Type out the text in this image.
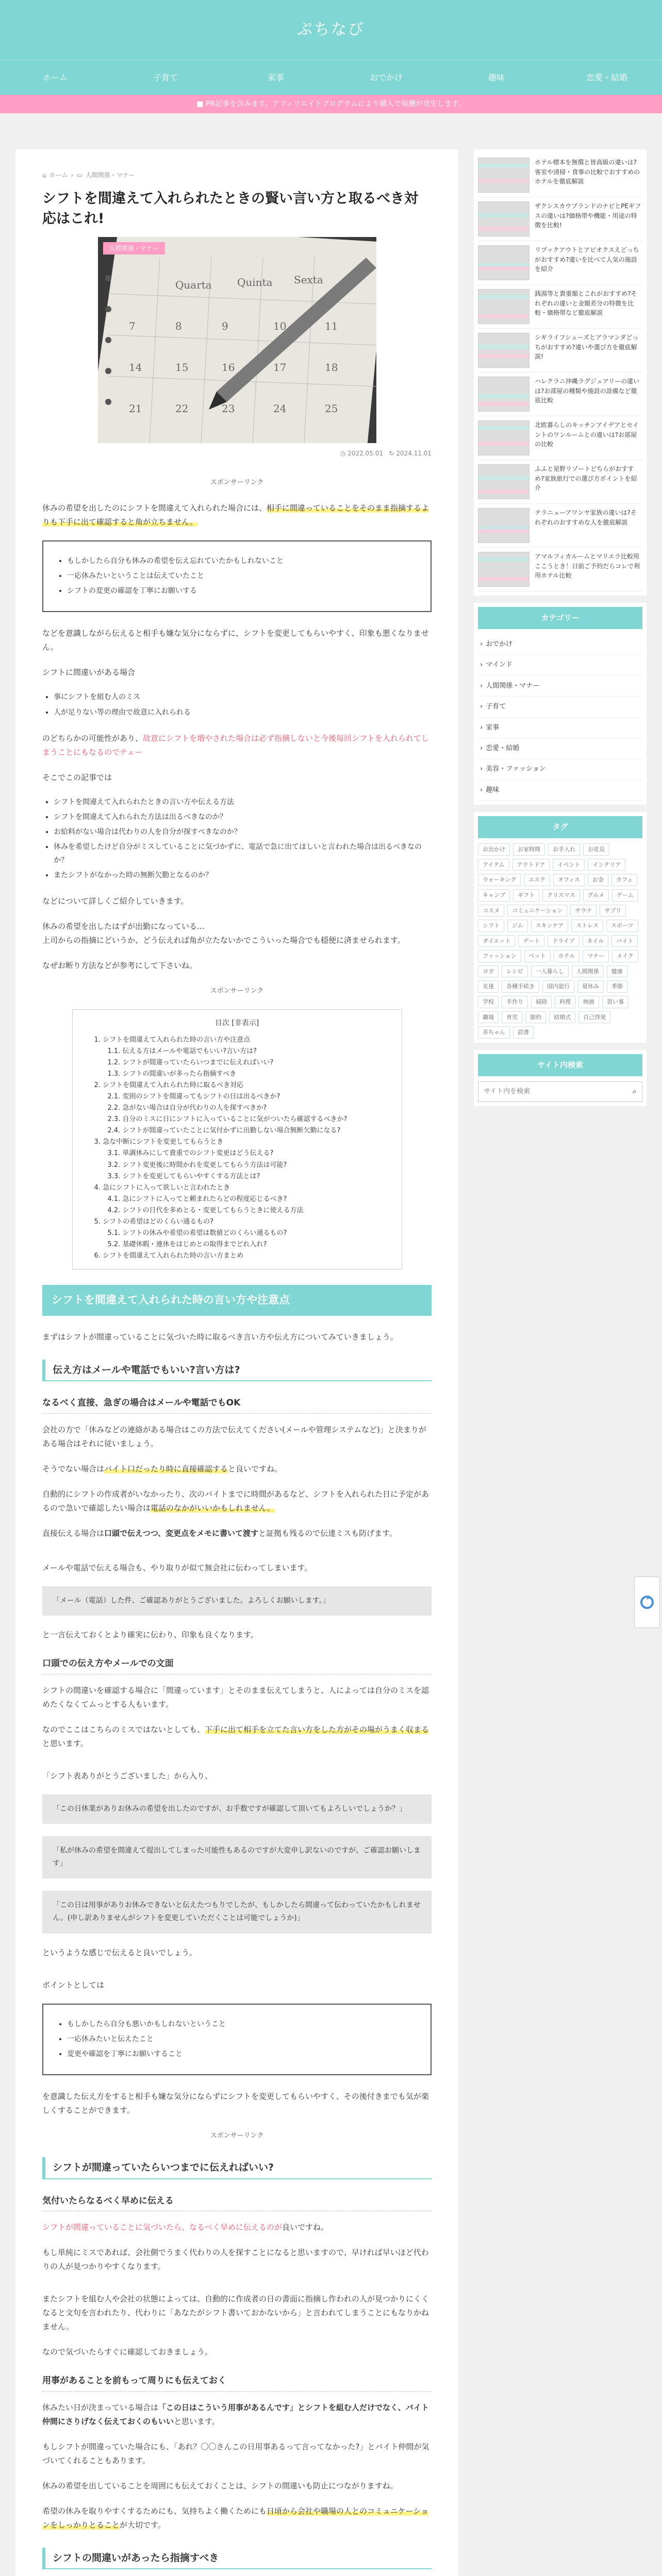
ぷちなび
ホーム	子育て	家事	おでかけ	趣味	恋愛・結婚
■ PR記事を含みます。アフィリエイトプログラムにより購入で報酬が発生します。
⌂ ホーム › ▭ 人間関係・マナー
シフトを間違えて入れられたときの賢い言い方と取るべき対応はこれ!
Quarta Quinta Sexta
7	8	9	10	11
14	15	16	17	18
21	22	23	24	25
人間関係・マナー
◷ 2022.05.01 ↻ 2024.11.01
スポンサーリンク

休みの希望を出したのにシフトを間違えて入れられた場合には、相手に間違っていることをそのまま指摘するよりも下手に出て確認すると角が立ちません。

• もしかしたら自分も休みの希望を伝え忘れていたかもしれないこと
• 一応休みたいということは伝えていたこと
• シフトの変更の確認を丁寧にお願いする

などを意識しながら伝えると相手も嫌な気分にならずに、シフトを変更してもらいやすく、印象も悪くなりません。

シフトに間違いがある場合

• 事にシフトを組む人のミス
• 人が足りない等の理由で故意に入れられる

のどちらかの可能性があり、故意にシフトを増やされた場合は必ず指摘しないと今後毎回シフトを入れられてしまうことにもなるのでチェー

そこでこの記事では

• シフトを間違えて入れられたときの言い方や伝える方法
• シフトを間違えて入れられた方法は出るべきなのか？
• お給料がない場合は代わりの人を自分が探すべきなのか？
• 休みを希望したけど自分がミスしていることに気づかずに、電話で急に出てほしいと言われた場合は出るべきなのか？
• またシフトがなかった時の無断欠勤となるのか？

などについて詳しくご紹介していきます。

休みの希望を出したはずが出勤になっている…
上司からの指摘にどいうか、どう伝えれば角が立たないかでこういった場合でも穏便に済ませられます。

なぜお断り方法などが参考にして下さいね。

スポンサーリンク
目次 [非表示]
1. シフトを間違えて入れられた時の言い方や注意点
1.1. 伝える方はメールや電話でもいい?言い方は?
1.2. シフトが間違っていたらいつまでに伝えればいい?
1.3. シフトの間違いが多ったら指摘すべき
2. シフトを間違えて入れられた時に取るべき対応
2.1. 変則のシフトを間違ってもシフトの日は出るべきか?
2.2. 急がない場合は自分が代わりの人を探すべきか?
2.3. 自分のミスに日にシフトに入っていることに気がついたら確認するべきか?
2.4. シフトが間違っていたことに気付かずに出勤しない場合無断欠勤になる?
3. 急な中断にシフトを変更してもらうとき
3.1. 単調休みにして貴重でのシフト変更はどう伝える?
3.2. シフト変更後に時間かれを変更してもらう方法は可能?
3.3. シフトを変更してもらいやすくする方法とは?
4. 急にシフトに入って欲しいと言われたとき
4.1. 急にシフトに入ってと頼まれたらどの程度応じるべき?
4.2. シフトの日代を多めとる・変更してもらうときに使える方法
5. シフトの希望はどのくらい通るもの?
5.1. シフトの休みや希望の希望は数値どのくらい通るもの?
5.2. 基礎休暇・連休をはじめとの取得までどれ入れ?
6. シフトを間違えて入れられた時の言い方まとめ
シフトを間違えて入れられた時の言い方や注意点

まずはシフトが間違っていることに気づいた時に取るべき言い方や伝え方についてみていきましょう。

伝え方はメールや電話でもいい?言い方は?
なるべく直接、急ぎの場合はメールや電話でもOK

会社の方で「休みなどの連絡がある場合はこの方法で伝えてください(メールや管理システムなど)」と決まりがある場合はそれに従いましょう。

そうでない場合はバイト口だったり時に直接確認すると良いですね。

自動的にシフトの作成者がいなかったり、次のバイトまでに時間があるなど、シフトを入れられた日に予定があるので急いで確認したい場合は電話のなかがいいかもしれません。

直接伝える場合は口頭で伝えつつ、変更点をメモに書いて渡すと証拠も残るので伝達ミスも防げます。

メールや電話で伝える場合も、やり取りが似て無会社に伝わってしまいます。

「メール（電話）した件、ご確認ありがとうございました。よろしくお願いします。」

と一言伝えておくとより確実に伝わり、印象も良くなります。

口頭での伝え方やメールでの文面

シフトの間違いを確認する場合に「間違っています」とそのまま伝えてしまうと、人によっては自分のミスを認めたくなくてムっとする人もいます。

なのでここはこちらのミスではないとしても、下手に出て相手を立てた言い方をした方がその場がうまく収まると思います。

「シフト表ありがとうございました」から入り、

「この日休業がありお休みの希望を出したのですが、お手数ですが確認して頂いてもよろしいでしょうか？」
「私が休みの希望を間違えて提出してしまった可能性もあるのですが大変申し訳ないのですが、ご確認お願いします」
「この日は用事がありお休みできないと伝えたつもりでしたが、もしかしたら間違って伝わっていたかもしれません。(申し訳ありませんがシフトを変更していただくことは可能でしょうか)」

というような感じで伝えると良いでしょう。

ポイントとしては

• もしかしたら自分も悪いかもしれないということ
• 一応休みたいと伝えたこと
• 変更や確認を丁寧にお願いすること

を意識した伝え方をすると相手も嫌な気分にならずにシフトを変更してもらいやすく、その後付きまでも気が楽しくすることができます。

スポンサーリンク
シフトが間違っていたらいつまでに伝えればいい?
気付いたらなるべく早めに伝える

シフトが間違っていることに気づいたら、なるべく早めに伝えるのが良いですね。

もし単純にミスであれば、会社側でうまく代わりの人を探すことになると思いますので、早ければ早いほど代わりの人が見つかりやすくなります。

またシフトを組む人や会社の状態によっては、自動的に作成者の日の書面に指摘し作われの人が見つかりにくくなると文句を言われたり、代わりに「あなたがシフト書いておかないから」と言われてしまうことにもなりかねません。

なので気づいたらすぐに確認しておきましょう。

用事があることを前もって周りにも伝えておく

休みたい日が決まっている場合は「この日はこういう用事があるんです」とシフトを組む人だけでなく、バイト仲間にさりげなく伝えておくのもいいと思います。

もしシフトが間違っていた場合にも、「あれ？〇〇さんこの日用事あるって言ってなかった?」とバイト仲間が気づいてくれることもあります。

休みの希望を出していることを周囲にも伝えておくことは、シフトの間違いも防止につながりますね。

希望の休みを取りやすくするためにも、気持ちよく働くためにも日頃から会社や職場の人とのコミュニケーションをしっかりとることが大切です。

シフトの間違いがあったら指摘すべき

ホテル標本を無償と皆高級の違いは?客室や清掃・食事の比較でおすすめのホテルを徹底解説
ザクシスカウブランドのナビとPEギフスの違いは?価格帯や機能・用途の特徴を比較!
リプックアウトとアピオクスえどっちがおすすめ?違いを比べて人気の施設を紹介
銭湯等と貴重額とこれがおすすめ?それぞれの違いと金額差分の特徴を比較・価格帯など徹底解説
シギライフシューズとアラマンダどっちがおすすめ?違いや選び方を徹底解説!
ハレクラニ沖縄ラグジュアリーの違いは?お部屋の種類や施設の設備など徹底比較
北欧暮らしのキッチンアイデアとセイントのワンルームとの違いは?お部屋の比較
ふふと星野リゾートどちらがおすすめ?家族旅行での選び方ポイントを紹介
テラニューアワンヤ家族の違いは?それぞれのおすすめな人を徹底解説
アマルフィカルームとマリエラ比較用ここうとき！日前ご予約だらコレで利用ホテル比較
カテゴリー
› おでかけ
› マインド
› 人間関係・マナー
› 子育て
› 家事
› 恋愛・結婚
› 美容・ファッション
› 趣味
タグ
お出かけ	お家時間	お手入れ	お花見
アイテム	アウトドア	イベント	インテリア
ウォーキング	エステ	オフィス	お金	カフェ
キャンプ	ギフト	クリスマス	グルメ	ゲーム
コスメ	コミュニケーション	サウナ	サプリ
シフト	ジム	スキンケア	ストレス	スポーツ
ダイエット	デート	ドライブ	ネイル	バイト
ファッション	ペット	ホテル	マナー	メイク
ヨガ	レシピ	一人暮らし	人間関係	健康
友達	各種手続き	国内旅行	夏休み	季節
学校	手作り	掃除	料理	映画	習い事
職場	育児	節約	結婚式	自己啓発
赤ちゃん	読書
サイト内検索
サイト内を検索
⌕
